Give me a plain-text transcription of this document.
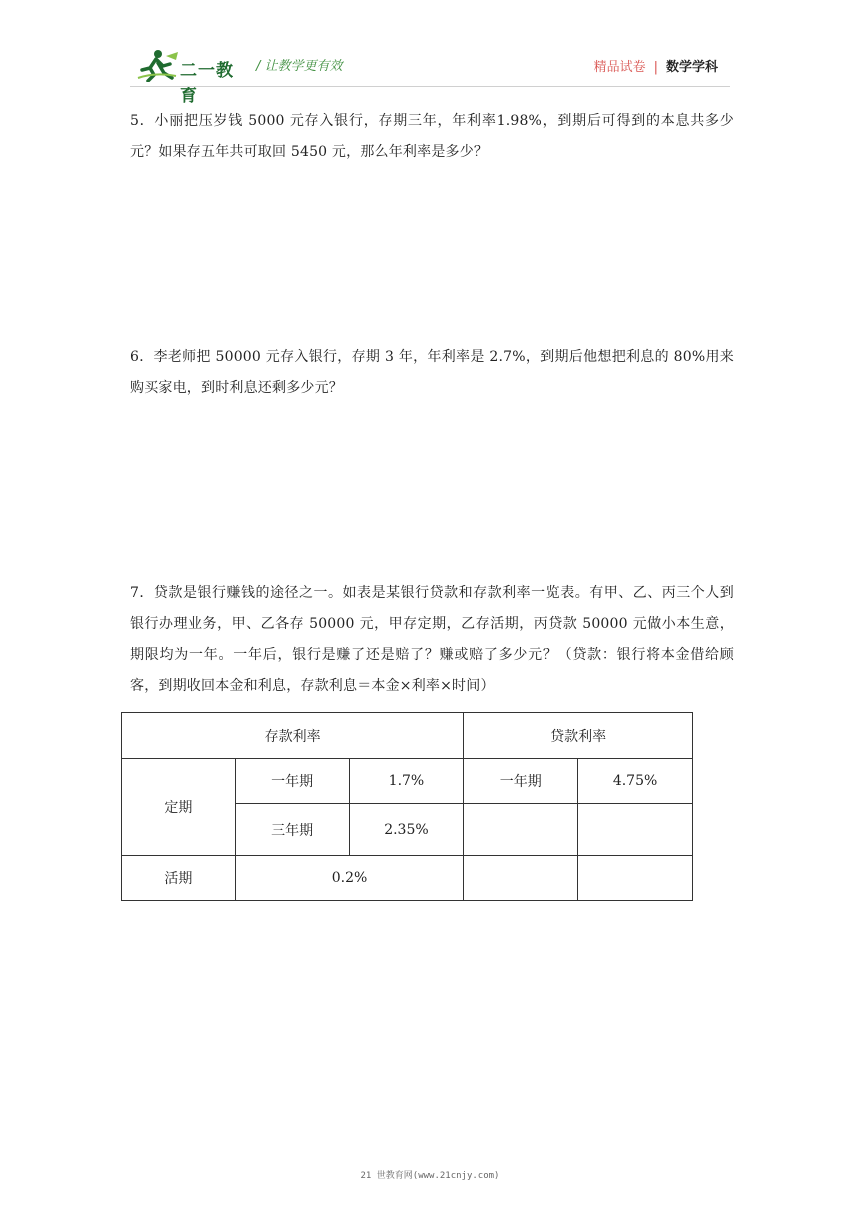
二一教育
/ 让教学更有效	精品试卷 | 数学学科
5．小丽把压岁钱 5000 元存入银行，存期三年，年利率1.98%，到期后可得到的本息共多少元？如果存五年共可取回 5450 元，那么年利率是多少？
6．李老师把 50000 元存入银行，存期 3 年，年利率是 2.7%，到期后他想把利息的 80%用来购买家电，到时利息还剩多少元？
7．贷款是银行赚钱的途径之一。如表是某银行贷款和存款利率一览表。有甲、乙、丙三个人到银行办理业务，甲、乙各存 50000 元，甲存定期，乙存活期，丙贷款 50000 元做小本生意，期限均为一年。一年后，银行是赚了还是赔了？赚或赔了多少元？（贷款：银行将本金借给顾客，到期收回本金和利息，存款利息＝本金×利率×时间）
存款利率			贷款利率	
定期	一年期	1.7%	一年期	4.75%
	三年期	2.35%		
活期	0.2%			
21 世教育网(www.21cnjy.com)
